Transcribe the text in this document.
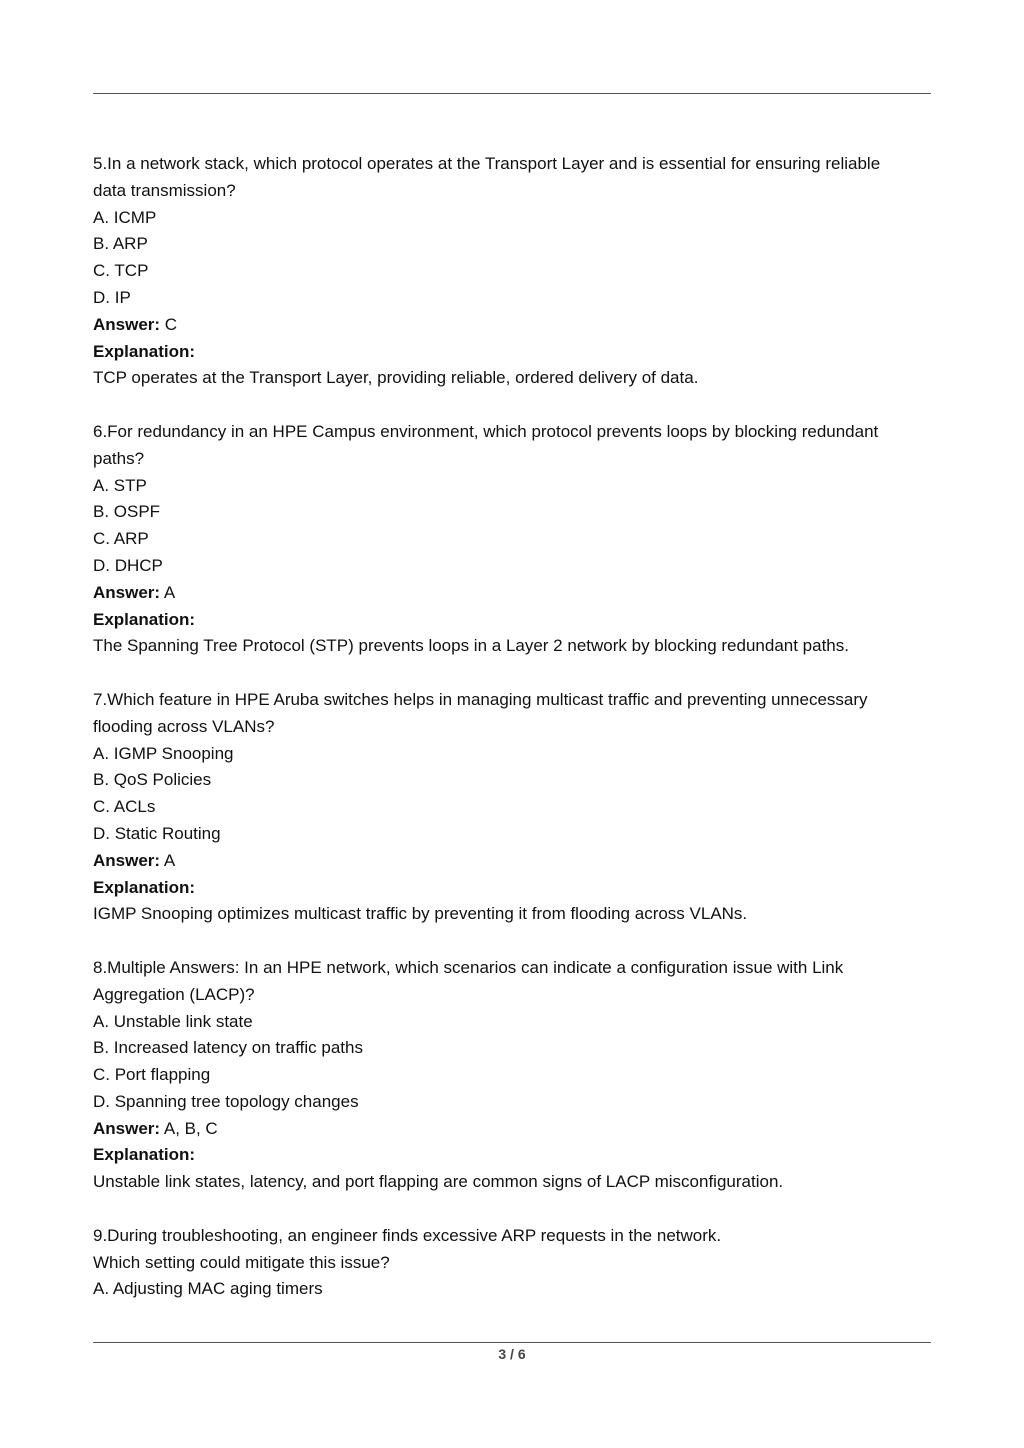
5.In a network stack, which protocol operates at the Transport Layer and is essential for ensuring reliable
data transmission?
A. ICMP
B. ARP
C. TCP
D. IP
Answer: C
Explanation:
TCP operates at the Transport Layer, providing reliable, ordered delivery of data.
6.For redundancy in an HPE Campus environment, which protocol prevents loops by blocking redundant
paths?
A. STP
B. OSPF
C. ARP
D. DHCP
Answer: A
Explanation:
The Spanning Tree Protocol (STP) prevents loops in a Layer 2 network by blocking redundant paths.
7.Which feature in HPE Aruba switches helps in managing multicast traffic and preventing unnecessary
flooding across VLANs?
A. IGMP Snooping
B. QoS Policies
C. ACLs
D. Static Routing
Answer: A
Explanation:
IGMP Snooping optimizes multicast traffic by preventing it from flooding across VLANs.
8.Multiple Answers: In an HPE network, which scenarios can indicate a configuration issue with Link
Aggregation (LACP)?
A. Unstable link state
B. Increased latency on traffic paths
C. Port flapping
D. Spanning tree topology changes
Answer: A, B, C
Explanation:
Unstable link states, latency, and port flapping are common signs of LACP misconfiguration.
9.During troubleshooting, an engineer finds excessive ARP requests in the network.
Which setting could mitigate this issue?
A. Adjusting MAC aging timers
3 / 6
